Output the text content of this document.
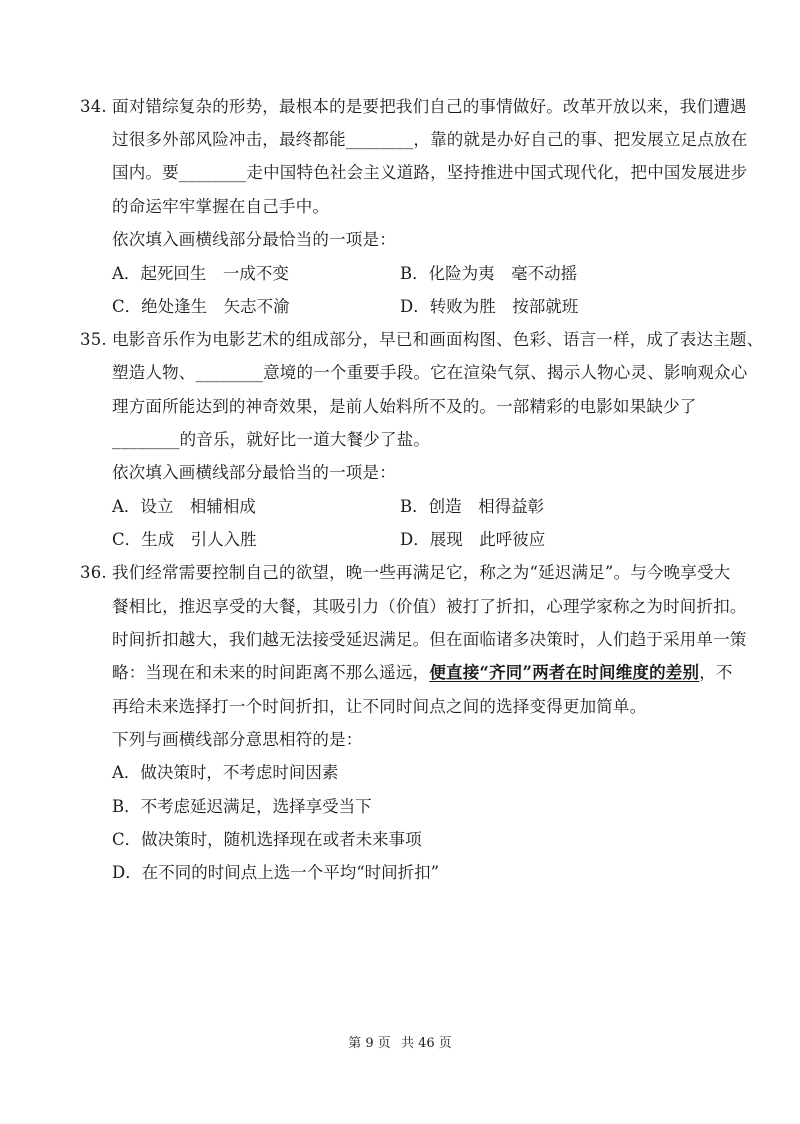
34. 面对错综复杂的形势，最根本的是要把我们自己的事情做好。改革开放以来，我们遭遇
过很多外部风险冲击，最终都能________，靠的就是办好自己的事、把发展立足点放在
国内。要________走中国特色社会主义道路，坚持推进中国式现代化，把中国发展进步
的命运牢牢掌握在自己手中。
依次填入画横线部分最恰当的一项是：
A．起死回生　一成不变	B．化险为夷　毫不动摇
C．绝处逢生　矢志不渝	D．转败为胜　按部就班
35. 电影音乐作为电影艺术的组成部分，早已和画面构图、色彩、语言一样，成了表达主题、
塑造人物、________意境的一个重要手段。它在渲染气氛、揭示人物心灵、影响观众心
理方面所能达到的神奇效果，是前人始料所不及的。一部精彩的电影如果缺少了
________的音乐，就好比一道大餐少了盐。
依次填入画横线部分最恰当的一项是：
A．设立　相辅相成	B．创造　相得益彰
C．生成　引人入胜	D．展现　此呼彼应
36. 我们经常需要控制自己的欲望，晚一些再满足它，称之为“延迟满足”。与今晚享受大
餐相比，推迟享受的大餐，其吸引力（价值）被打了折扣，心理学家称之为时间折扣。
时间折扣越大，我们越无法接受延迟满足。但在面临诸多决策时，人们趋于采用单一策
略：当现在和未来的时间距离不那么遥远，便直接“齐同”两者在时间维度的差别，不
再给未来选择打一个时间折扣，让不同时间点之间的选择变得更加简单。
下列与画横线部分意思相符的是：
A．做决策时，不考虑时间因素
B．不考虑延迟满足，选择享受当下
C．做决策时，随机选择现在或者未来事项
D．在不同的时间点上选一个平均“时间折扣”
第 9 页 共 46 页
